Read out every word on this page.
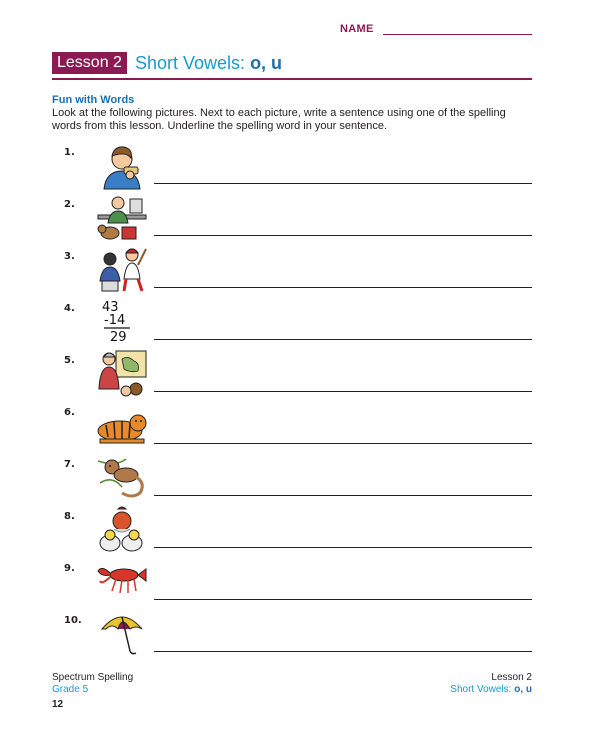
NAME
Lesson 2 Short Vowels: o, u
Fun with Words
Look at the following pictures. Next to each picture, write a sentence using one of the spelling words from this lesson. Underline the spelling word in your sentence.
1.
2.
3.
4. 43
-14
29
5.
6.
7.
8.
9.
10.
Spectrum Spelling
Grade 5
Lesson 2
Short Vowels: o, u
12
